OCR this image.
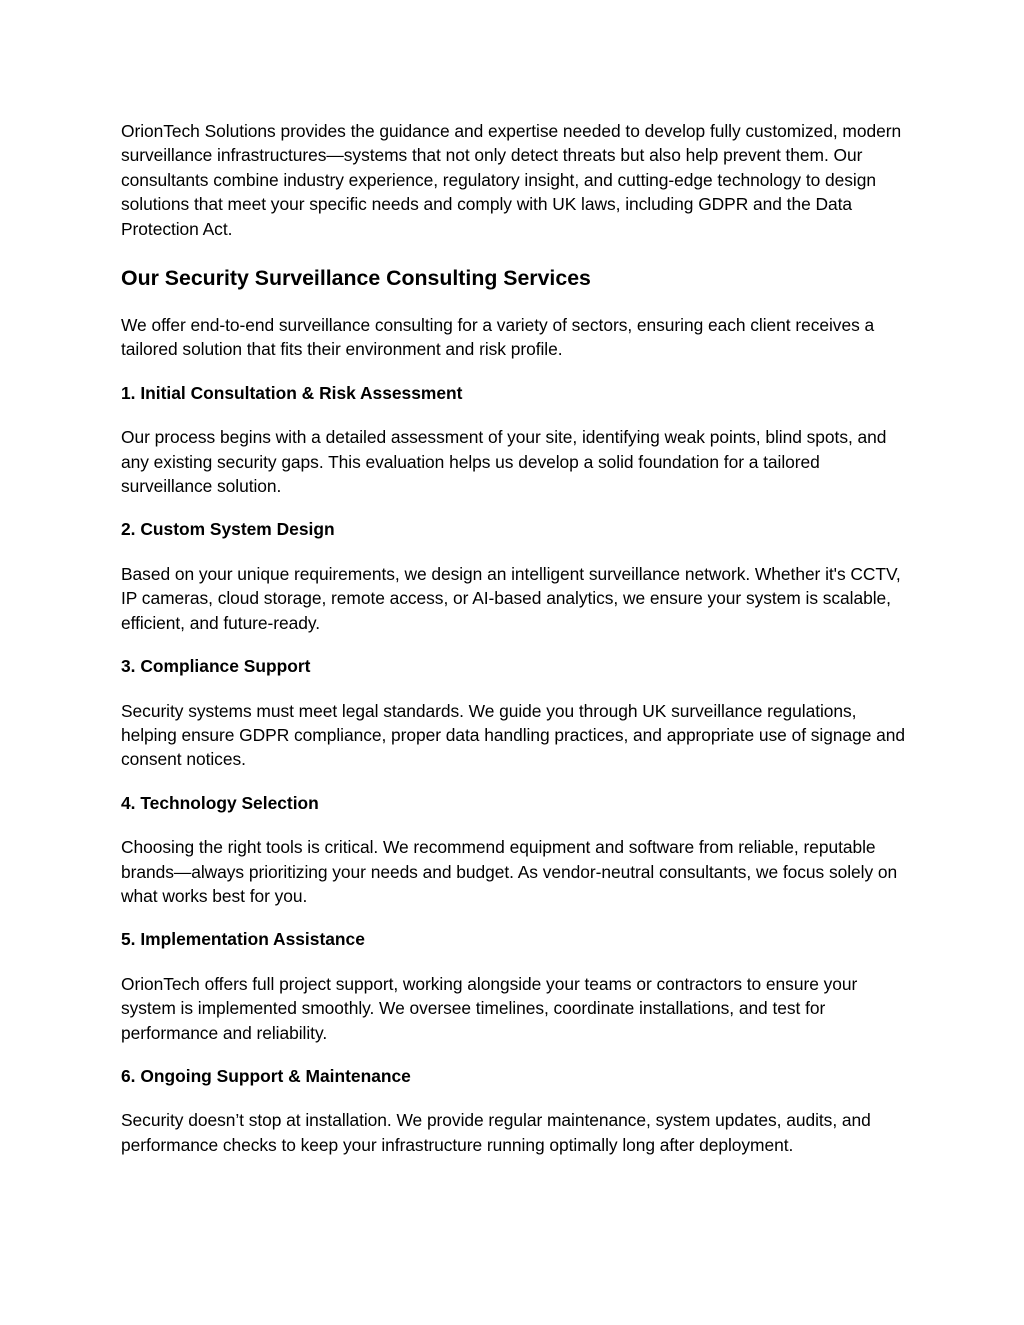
OrionTech Solutions provides the guidance and expertise needed to develop fully customized, modern surveillance infrastructures—systems that not only detect threats but also help prevent them. Our consultants combine industry experience, regulatory insight, and cutting-edge technology to design solutions that meet your specific needs and comply with UK laws, including GDPR and the Data Protection Act.

Our Security Surveillance Consulting Services

We offer end-to-end surveillance consulting for a variety of sectors, ensuring each client receives a tailored solution that fits their environment and risk profile.

1. Initial Consultation & Risk Assessment

Our process begins with a detailed assessment of your site, identifying weak points, blind spots, and any existing security gaps. This evaluation helps us develop a solid foundation for a tailored surveillance solution.

2. Custom System Design

Based on your unique requirements, we design an intelligent surveillance network. Whether it's CCTV, IP cameras, cloud storage, remote access, or AI-based analytics, we ensure your system is scalable, efficient, and future-ready.

3. Compliance Support

Security systems must meet legal standards. We guide you through UK surveillance regulations, helping ensure GDPR compliance, proper data handling practices, and appropriate use of signage and consent notices.

4. Technology Selection

Choosing the right tools is critical. We recommend equipment and software from reliable, reputable brands—always prioritizing your needs and budget. As vendor-neutral consultants, we focus solely on what works best for you.

5. Implementation Assistance

OrionTech offers full project support, working alongside your teams or contractors to ensure your system is implemented smoothly. We oversee timelines, coordinate installations, and test for performance and reliability.

6. Ongoing Support & Maintenance

Security doesn’t stop at installation. We provide regular maintenance, system updates, audits, and performance checks to keep your infrastructure running optimally long after deployment.
